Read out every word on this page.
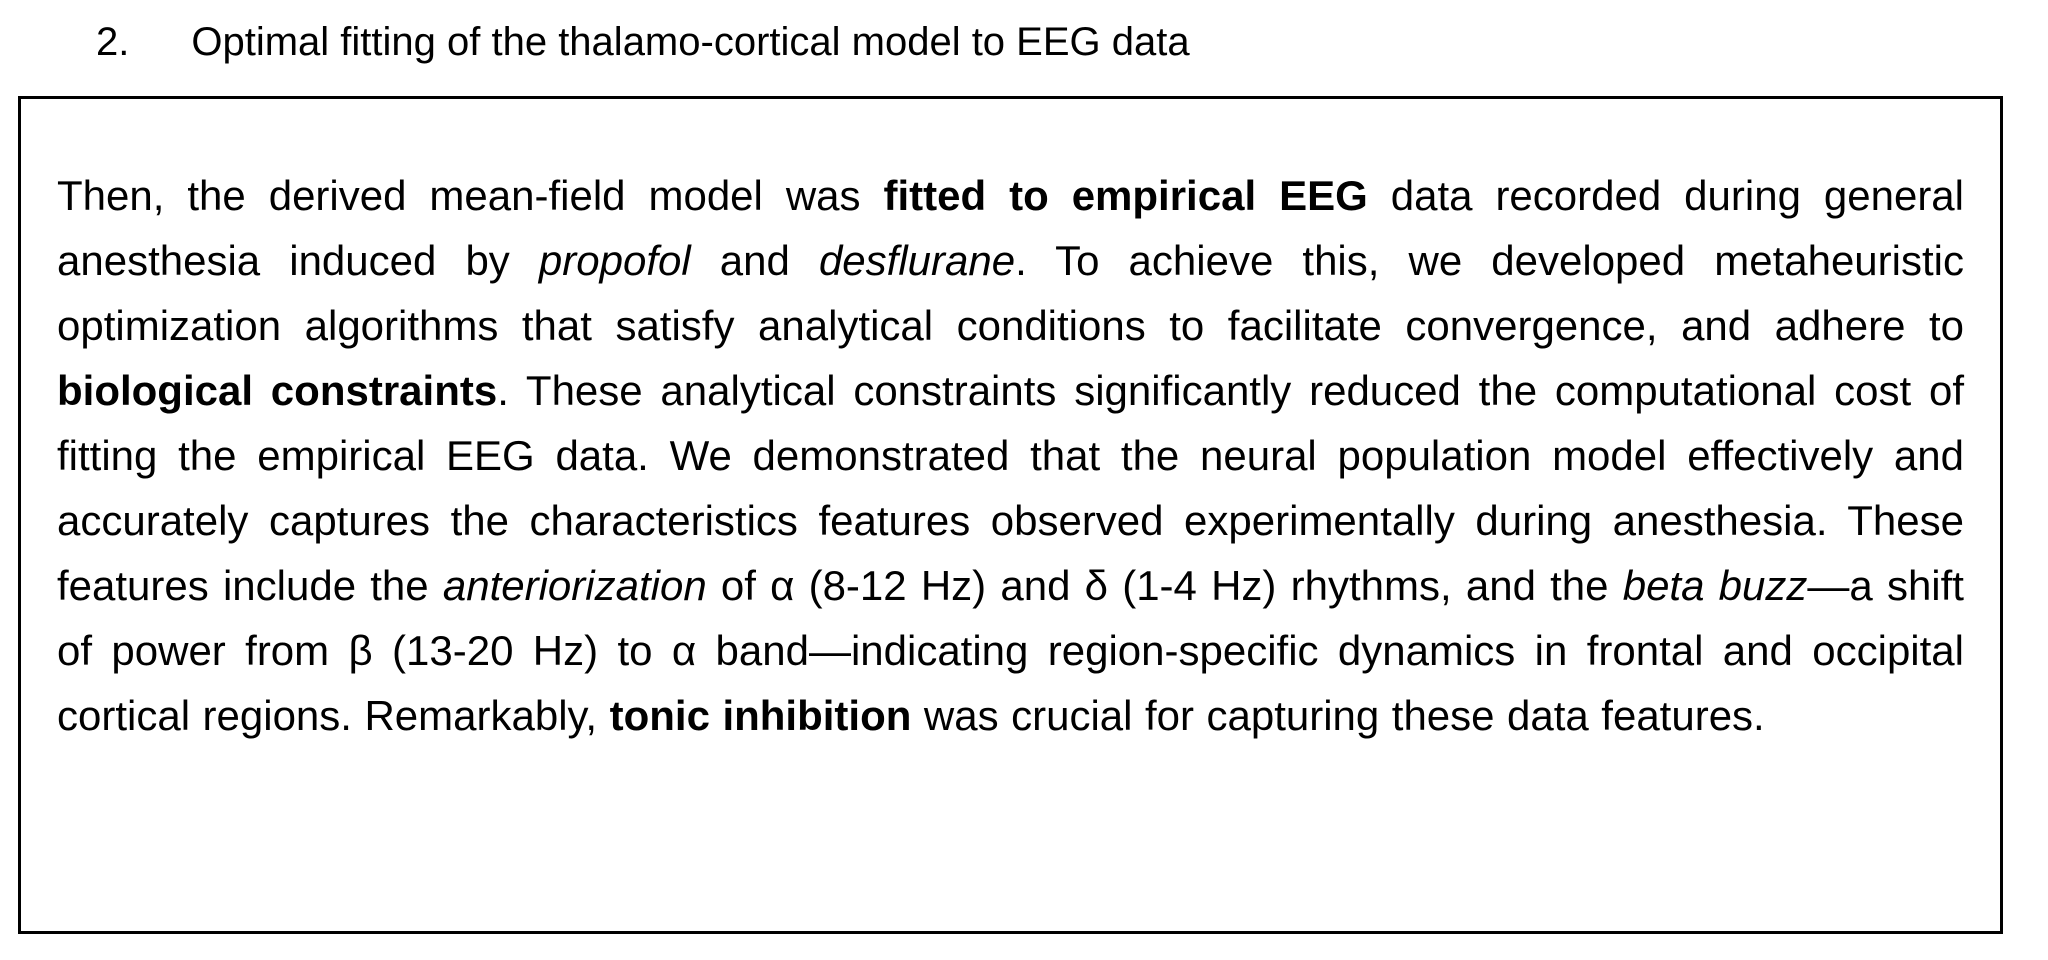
2. Optimal fitting of the thalamo-cortical model to EEG data

Then, the derived mean-field model was fitted to empirical EEG data recorded during general anesthesia induced by propofol and desflurane. To achieve this, we developed metaheuristic optimization algorithms that satisfy analytical conditions to facilitate convergence, and adhere to biological constraints. These analytical constraints significantly reduced the computational cost of fitting the empirical EEG data. We demonstrated that the neural population model effectively and accurately captures the characteristics features observed experimentally during anesthesia. These features include the anteriorization of α (8-12 Hz) and δ (1-4 Hz) rhythms, and the beta buzz—a shift of power from β (13-20 Hz) to α band—indicating region-specific dynamics in frontal and occipital cortical regions. Remarkably, tonic inhibition was crucial for capturing these data features.
